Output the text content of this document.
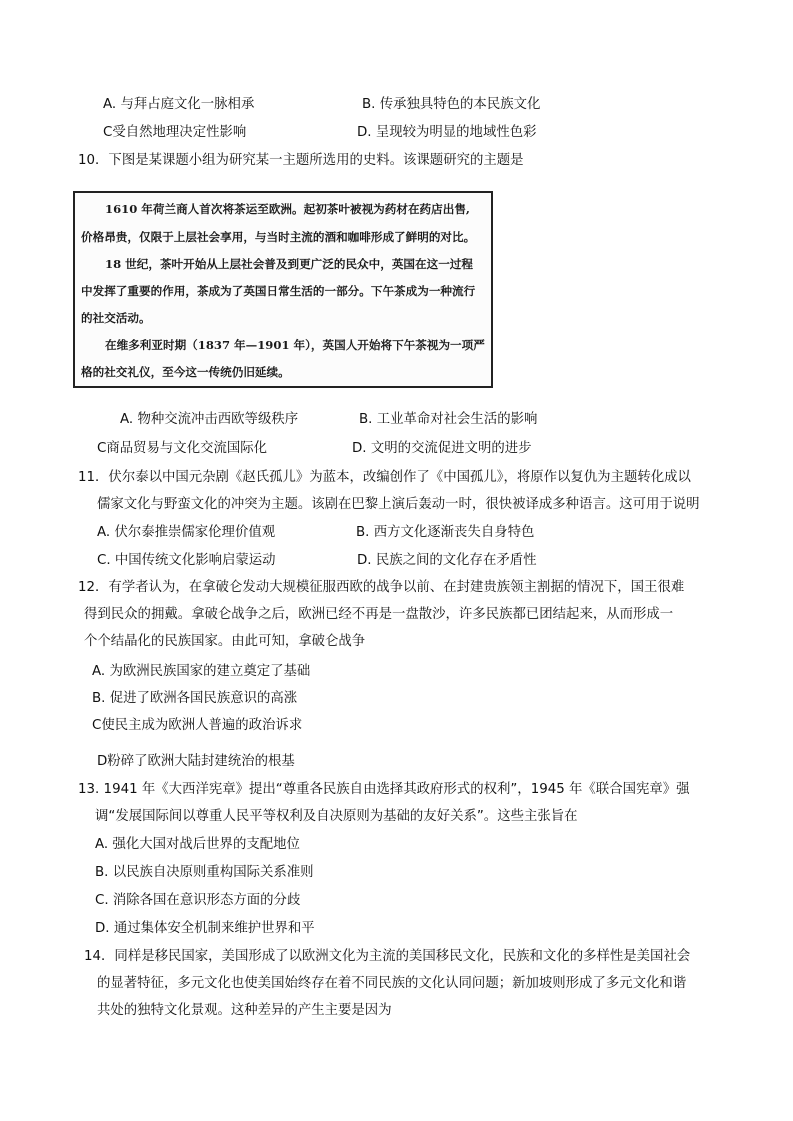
A. 与拜占庭文化一脉相承	B. 传承独具特色的本民族文化
C受自然地理决定性影响	D. 呈现较为明显的地域性色彩
10．下图是某课题小组为研究某一主题所选用的史料。该课题研究的主题是
1610 年荷兰商人首次将茶运至欧洲。起初茶叶被视为药材在药店出售,
价格昂贵，仅限于上层社会享用，与当时主流的酒和咖啡形成了鲜明的对比。
18 世纪，茶叶开始从上层社会普及到更广泛的民众中，英国在这一过程
中发挥了重要的作用，茶成为了英国日常生活的一部分。下午茶成为一种流行
的社交活动。
在维多利亚时期（1837 年—1901 年），英国人开始将下午茶视为一项严
格的社交礼仪，至今这一传统仍旧延续。
A. 物种交流冲击西欧等级秩序	B. 工业革命对社会生活的影响
C商品贸易与文化交流国际化	D. 文明的交流促进文明的进步
11．伏尔泰以中国元杂剧《赵氏孤儿》为蓝本，改编创作了《中国孤儿》，将原作以复仇为主题转化成以
儒家文化与野蛮文化的冲突为主题。该剧在巴黎上演后轰动一时，很快被译成多种语言。这可用于说明
A. 伏尔泰推崇儒家伦理价值观	B. 西方文化逐渐丧失自身特色
C. 中国传统文化影响启蒙运动	D. 民族之间的文化存在矛盾性
12．有学者认为，在拿破仑发动大规模征服西欧的战争以前、在封建贵族领主割据的情况下，国王很难
得到民众的拥戴。拿破仑战争之后，欧洲已经不再是一盘散沙，许多民族都已团结起来，从而形成一
个个结晶化的民族国家。由此可知，拿破仑战争
A. 为欧洲民族国家的建立奠定了基础
B. 促进了欧洲各国民族意识的高涨
C使民主成为欧洲人普遍的政治诉求
D粉碎了欧洲大陆封建统治的根基
13. 1941 年《大西洋宪章》提出“尊重各民族自由选择其政府形式的权利”，1945 年《联合国宪章》强
调“发展国际间以尊重人民平等权利及自决原则为基础的友好关系”。这些主张旨在
A. 强化大国对战后世界的支配地位
B. 以民族自决原则重构国际关系准则
C. 消除各国在意识形态方面的分歧
D. 通过集体安全机制来维护世界和平
14．同样是移民国家，美国形成了以欧洲文化为主流的美国移民文化，民族和文化的多样性是美国社会
的显著特征，多元文化也使美国始终存在着不同民族的文化认同问题；新加坡则形成了多元文化和谐
共处的独特文化景观。这种差异的产生主要是因为
